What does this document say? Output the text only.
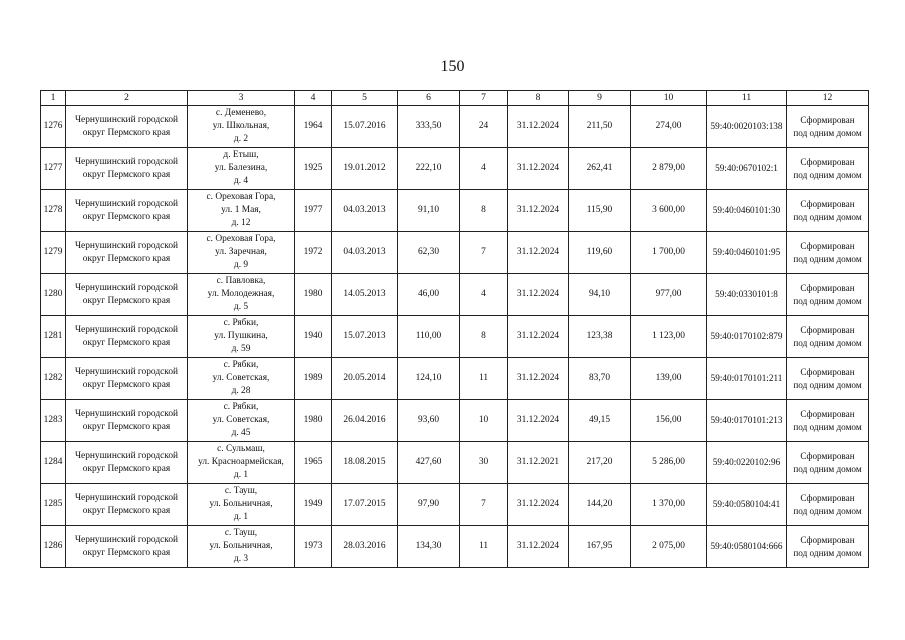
150
1	2	3	4	5	6	7	8	9	10	11	12
1276	Чернушинский городской
округ Пермского края	с. Деменево,
ул. Школьная,
д. 2	1964	15.07.2016	333,50	24	31.12.2024	211,50	274,00	59:40:0020103:138	Сформирован
под одним домом

1277	Чернушинский городской
округ Пермского края	д. Етыш,
ул. Балезина,
д. 4	1925	19.01.2012	222,10	4	31.12.2024	262,41	2 879,00	59:40:0670102:1	Сформирован
под одним домом

1278	Чернушинский городской
округ Пермского края	с. Ореховая Гора,
ул. 1 Мая,
д. 12	1977	04.03.2013	91,10	8	31.12.2024	115,90	3 600,00	59:40:0460101:30	Сформирован
под одним домом

1279	Чернушинский городской
округ Пермского края	с. Ореховая Гора,
ул. Заречная,
д. 9	1972	04.03.2013	62,30	7	31.12.2024	119,60	1 700,00	59:40:0460101:95	Сформирован
под одним домом

1280	Чернушинский городской
округ Пермского края	с. Павловка,
ул. Молодежная,
д. 5	1980	14.05.2013	46,00	4	31.12.2024	94,10	977,00	59:40:0330101:8	Сформирован
под одним домом

1281	Чернушинский городской
округ Пермского края	с. Рябки,
ул. Пушкина,
д. 59	1940	15.07.2013	110,00	8	31.12.2024	123,38	1 123,00	59:40:0170102:879	Сформирован
под одним домом

1282	Чернушинский городской
округ Пермского края	с. Рябки,
ул. Советская,
д. 28	1989	20.05.2014	124,10	11	31.12.2024	83,70	139,00	59:40:0170101:211	Сформирован
под одним домом

1283	Чернушинский городской
округ Пермского края	с. Рябки,
ул. Советская,
д. 45	1980	26.04.2016	93,60	10	31.12.2024	49,15	156,00	59:40:0170101:213	Сформирован
под одним домом

1284	Чернушинский городской
округ Пермского края	с. Сульмаш,
ул. Красноармейская,
д. 1	1965	18.08.2015	427,60	30	31.12.2021	217,20	5 286,00	59:40:0220102:96	Сформирован
под одним домом

1285	Чернушинский городской
округ Пермского края	с. Тауш,
ул. Больничная,
д. 1	1949	17.07.2015	97,90	7	31.12.2024	144,20	1 370,00	59:40:0580104:41	Сформирован
под одним домом

1286	Чернушинский городской
округ Пермского края	с. Тауш,
ул. Больничная,
д. 3	1973	28.03.2016	134,30	11	31.12.2024	167,95	2 075,00	59:40:0580104:666	Сформирован
под одним домом
